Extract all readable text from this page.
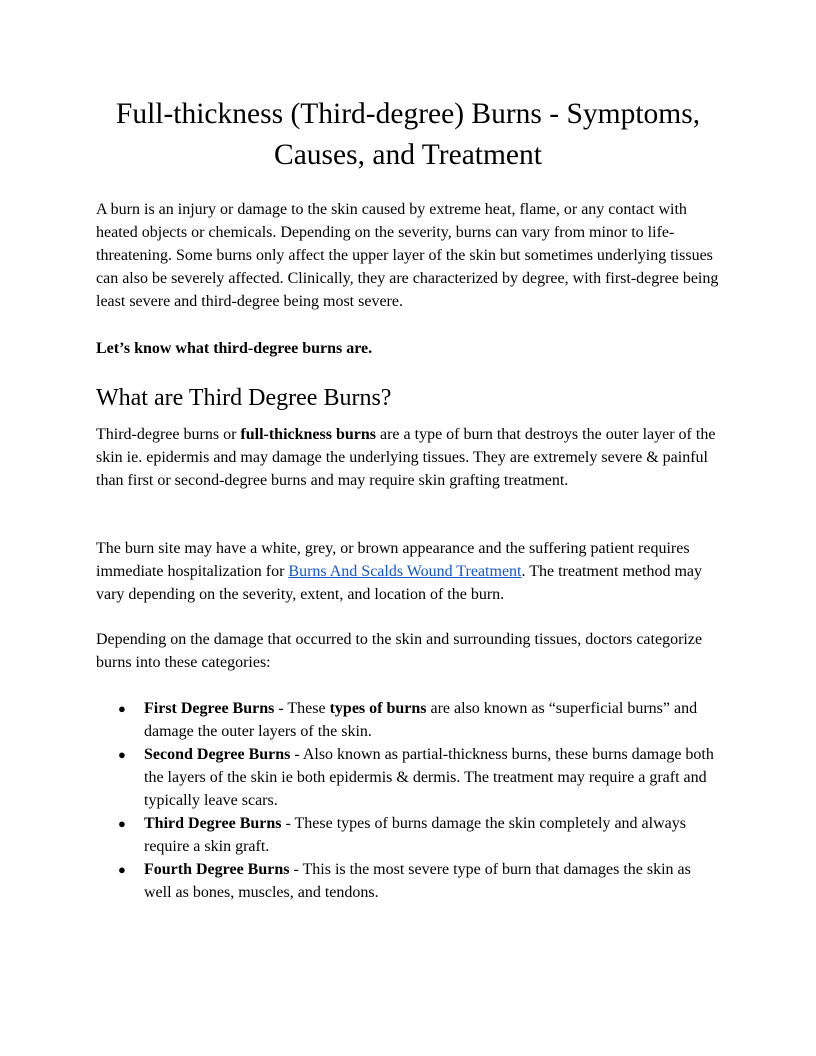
Full-thickness (Third-degree) Burns - Symptoms, Causes, and Treatment

A burn is an injury or damage to the skin caused by extreme heat, flame, or any contact with heated objects or chemicals. Depending on the severity, burns can vary from minor to life-threatening. Some burns only affect the upper layer of the skin but sometimes underlying tissues can also be severely affected. Clinically, they are characterized by degree, with first-degree being least severe and third-degree being most severe.

Let’s know what third-degree burns are.

What are Third Degree Burns?

Third-degree burns or full-thickness burns are a type of burn that destroys the outer layer of the skin ie. epidermis and may damage the underlying tissues. They are extremely severe & painful than first or second-degree burns and may require skin grafting treatment.

The burn site may have a white, grey, or brown appearance and the suffering patient requires immediate hospitalization for Burns And Scalds Wound Treatment. The treatment method may vary depending on the severity, extent, and location of the burn.

Depending on the damage that occurred to the skin and surrounding tissues, doctors categorize burns into these categories:

● First Degree Burns - These types of burns are also known as “superficial burns” and damage the outer layers of the skin.
● Second Degree Burns - Also known as partial-thickness burns, these burns damage both the layers of the skin ie both epidermis & dermis. The treatment may require a graft and typically leave scars.
● Third Degree Burns - These types of burns damage the skin completely and always require a skin graft.
● Fourth Degree Burns - This is the most severe type of burn that damages the skin as well as bones, muscles, and tendons.
